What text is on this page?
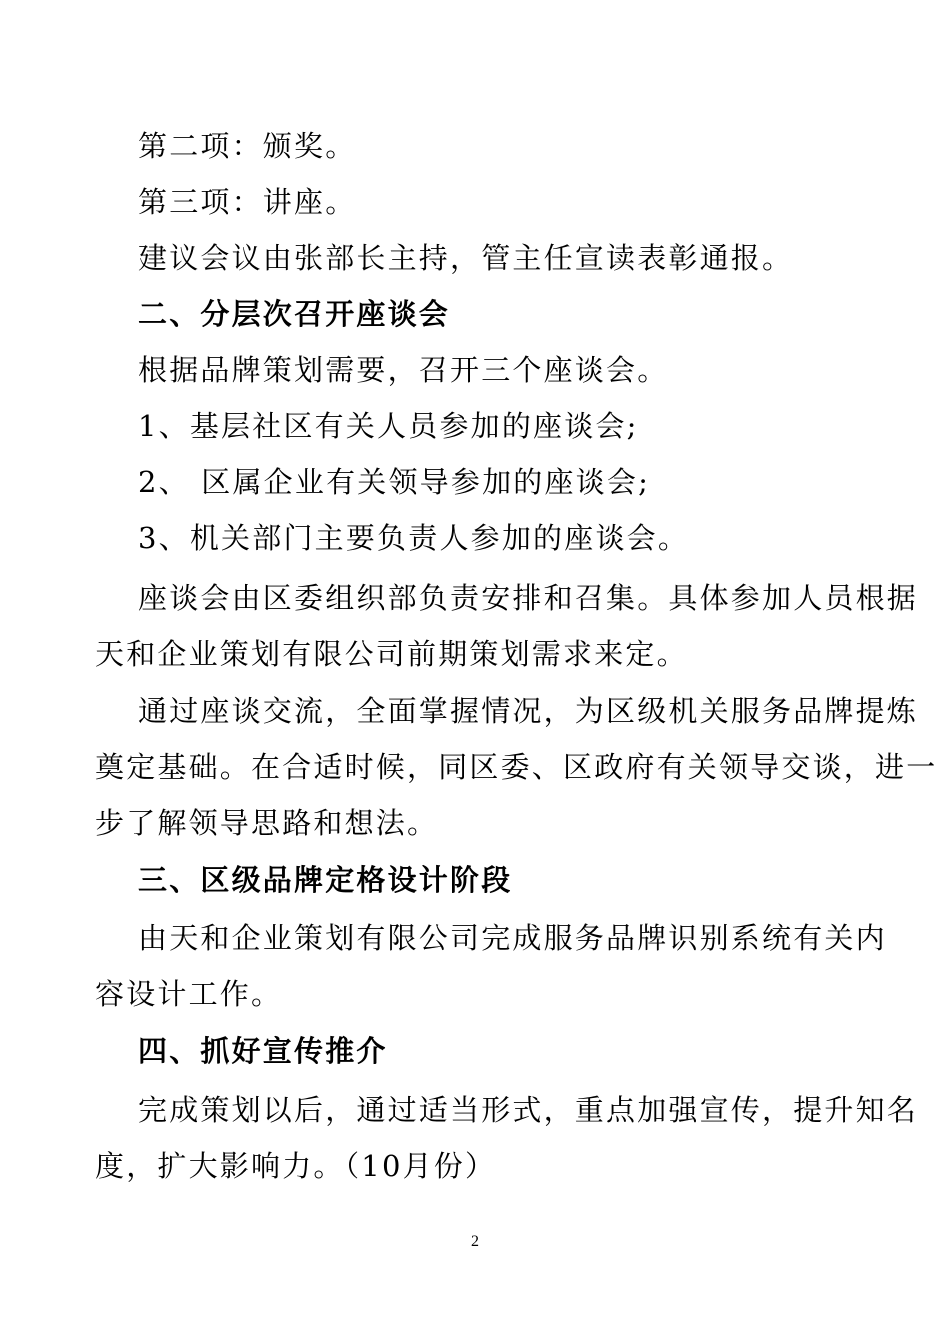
第二项：颁奖。
第三项：讲座。
建议会议由张部长主持，管主任宣读表彰通报。
二、分层次召开座谈会
根据品牌策划需要，召开三个座谈会。
1、基层社区有关人员参加的座谈会;
2、 区属企业有关领导参加的座谈会;
3、机关部门主要负责人参加的座谈会。
座谈会由区委组织部负责安排和召集。具体参加人员根据
天和企业策划有限公司前期策划需求来定。
通过座谈交流，全面掌握情况，为区级机关服务品牌提炼
奠定基础。在合适时候，同区委、区政府有关领导交谈，进一
步了解领导思路和想法。
三、区级品牌定格设计阶段
由天和企业策划有限公司完成服务品牌识别系统有关内
容设计工作。
四、抓好宣传推介
完成策划以后，通过适当形式，重点加强宣传，提升知名
度，扩大影响力。（10月份）
2
